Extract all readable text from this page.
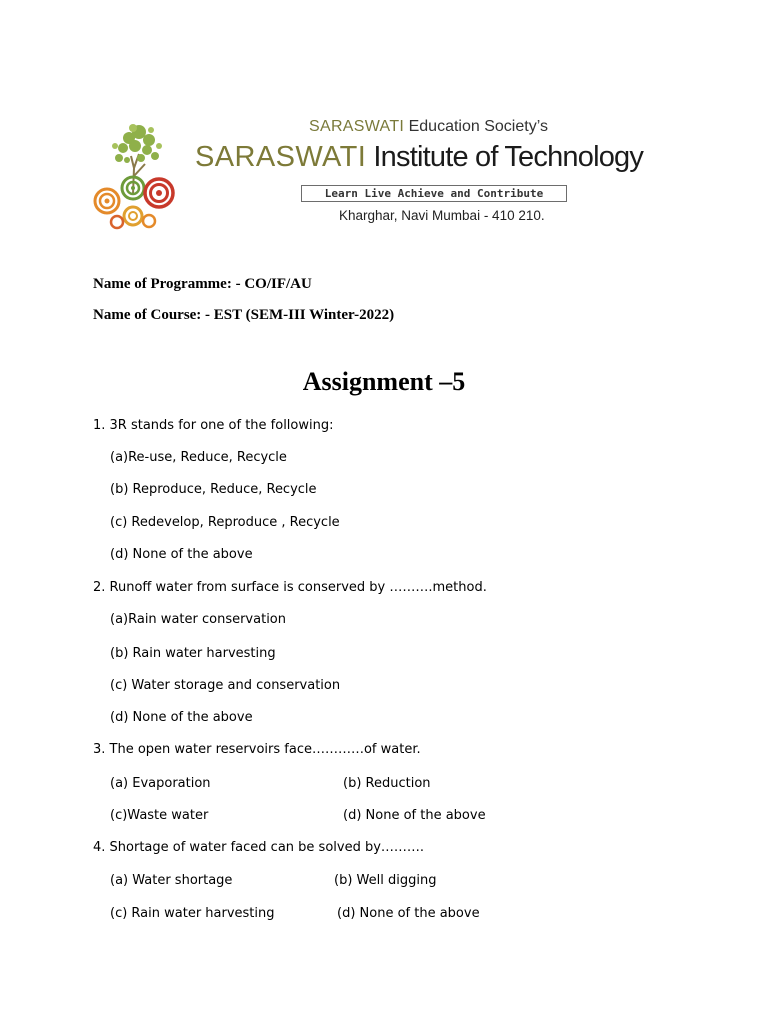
SARASWATI Education Society’s
SARASWATI Institute of Technology
Learn Live Achieve and Contribute
Kharghar, Navi Mumbai - 410 210.
Name of Programme: - CO/IF/AU
Name of Course: - EST (SEM-III Winter-2022)
Assignment –5
1. 3R stands for one of the following:
(a)Re-use, Reduce, Recycle
(b) Reproduce, Reduce, Recycle
(c) Redevelop, Reproduce , Recycle
(d) None of the above
2. Runoff water from surface is conserved by ……….method.
(a)Rain water conservation
(b) Rain water harvesting
(c) Water storage and conservation
(d) None of the above
3. The open water reservoirs face…………of water.
(a) Evaporation	(b) Reduction
(c)Waste water	(d) None of the above
4. Shortage of water faced can be solved by……….
(a) Water shortage	(b) Well digging
(c) Rain water harvesting	(d) None of the above
